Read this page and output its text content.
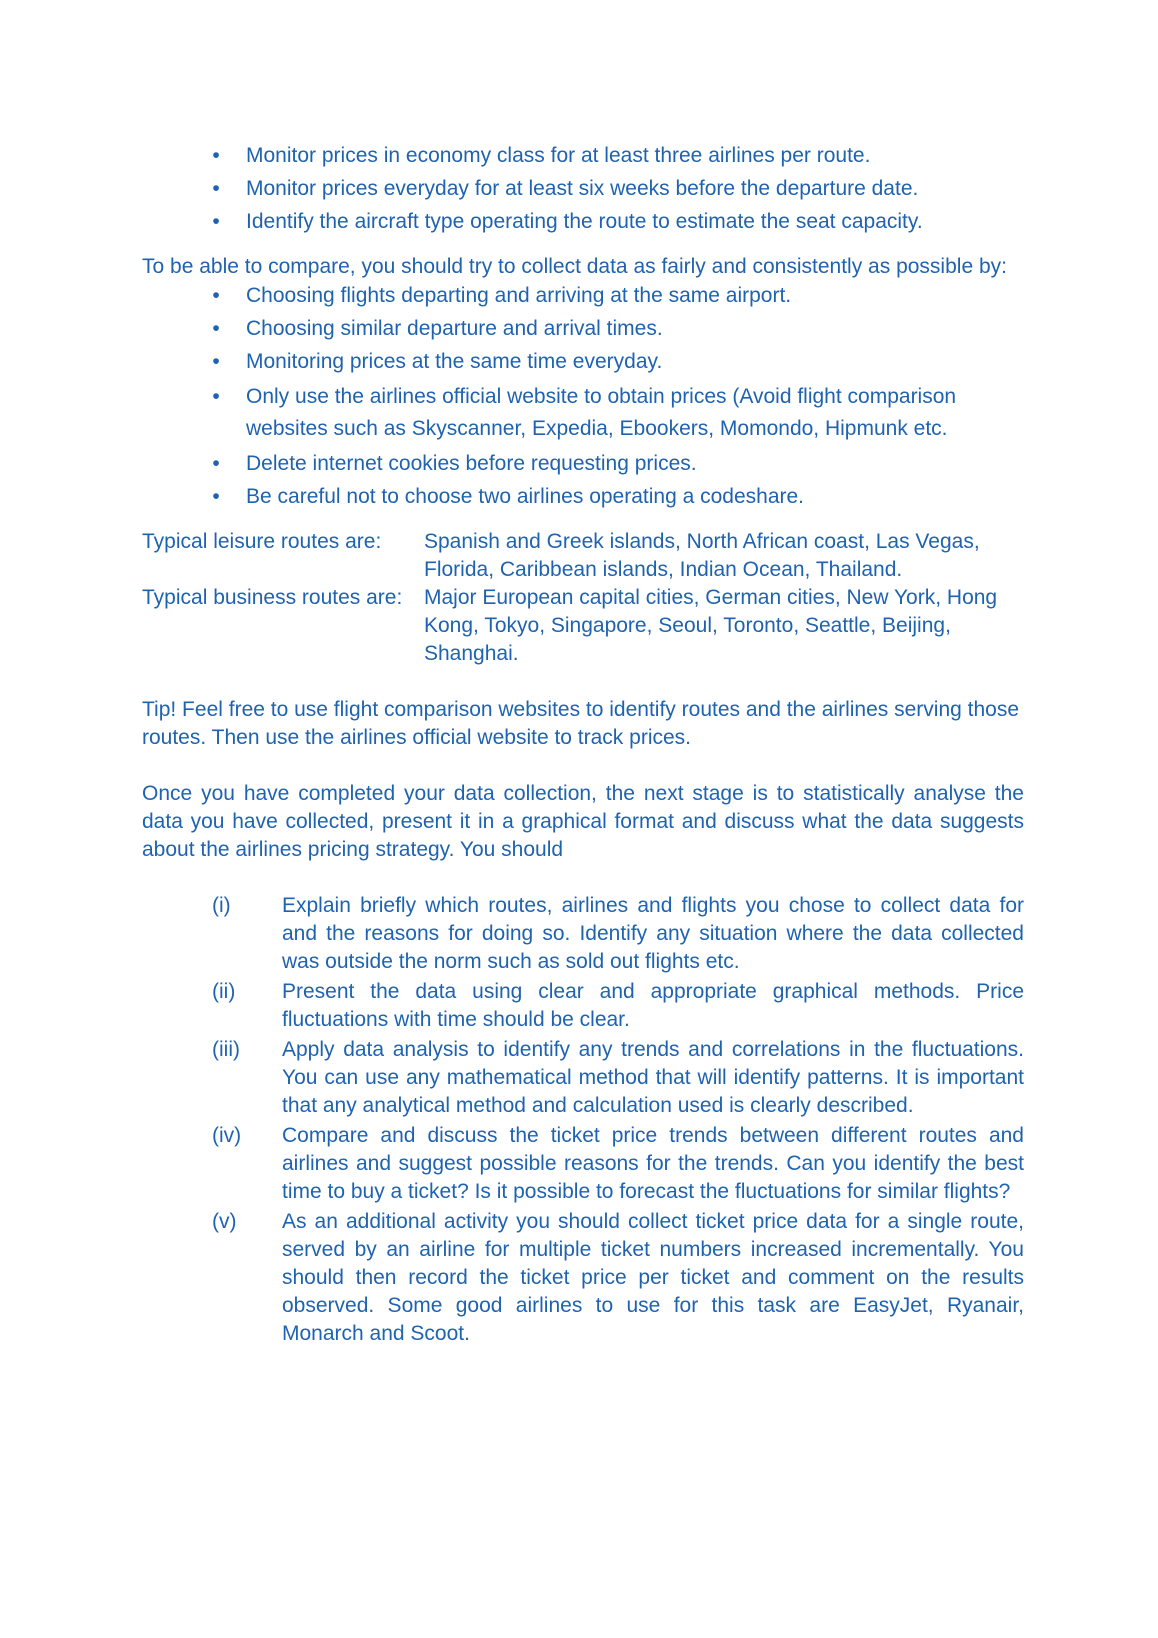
•	Monitor prices in economy class for at least three airlines per route.
•	Monitor prices everyday for at least six weeks before the departure date.
•	Identify the aircraft type operating the route to estimate the seat capacity.

To be able to compare, you should try to collect data as fairly and consistently as possible by:

•	Choosing flights departing and arriving at the same airport.
•	Choosing similar departure and arrival times.
•	Monitoring prices at the same time everyday.
•	Only use the airlines official website to obtain prices (Avoid flight comparison websites such as Skyscanner, Expedia, Ebookers, Momondo, Hipmunk etc.
•	Delete internet cookies before requesting prices.
•	Be careful not to choose two airlines operating a codeshare.
Typical leisure routes are:	Spanish and Greek islands, North African coast, Las Vegas, Florida, Caribbean islands, Indian Ocean, Thailand.
Typical business routes are:	Major European capital cities, German cities, New York, Hong Kong, Tokyo, Singapore, Seoul, Toronto, Seattle, Beijing, Shanghai.

Tip! Feel free to use flight comparison websites to identify routes and the airlines serving those routes. Then use the airlines official website to track prices.

Once you have completed your data collection, the next stage is to statistically analyse the data you have collected, present it in a graphical format and discuss what the data suggests about the airlines pricing strategy. You should

(i)	Explain briefly which routes, airlines and flights you chose to collect data for and the reasons for doing so. Identify any situation where the data collected was outside the norm such as sold out flights etc.
(ii)	Present the data using clear and appropriate graphical methods. Price fluctuations with time should be clear.
(iii)	Apply data analysis to identify any trends and correlations in the fluctuations. You can use any mathematical method that will identify patterns. It is important that any analytical method and calculation used is clearly described.
(iv)	Compare and discuss the ticket price trends between different routes and airlines and suggest possible reasons for the trends. Can you identify the best time to buy a ticket? Is it possible to forecast the fluctuations for similar flights?
(v)	As an additional activity you should collect ticket price data for a single route, served by an airline for multiple ticket numbers increased incrementally. You should then record the ticket price per ticket and comment on the results observed. Some good airlines to use for this task are EasyJet, Ryanair, Monarch and Scoot.
